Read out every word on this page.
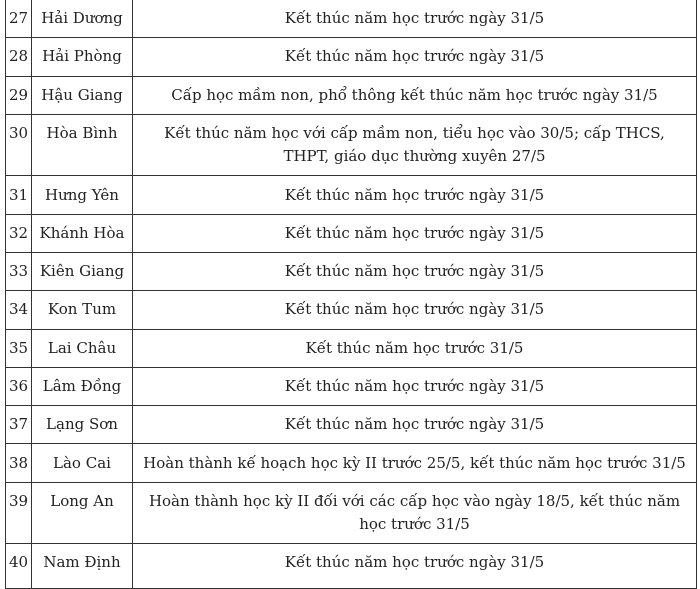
27	Hải Dương	Kết thúc năm học trước ngày 31/5
28	Hải Phòng	Kết thúc năm học trước ngày 31/5
29	Hậu Giang	Cấp học mầm non, phổ thông kết thúc năm học trước ngày 31/5
30	Hòa Bình	Kết thúc năm học với cấp mầm non, tiểu học vào 30/5; cấp THCS, THPT, giáo dục thường xuyên 27/5
31	Hưng Yên	Kết thúc năm học trước ngày 31/5
32	Khánh Hòa	Kết thúc năm học trước ngày 31/5
33	Kiên Giang	Kết thúc năm học trước ngày 31/5
34	Kon Tum	Kết thúc năm học trước ngày 31/5
35	Lai Châu	Kết thúc năm học trước 31/5
36	Lâm Đồng	Kết thúc năm học trước ngày 31/5
37	Lạng Sơn	Kết thúc năm học trước ngày 31/5
38	Lào Cai	Hoàn thành kế hoạch học kỳ II trước 25/5, kết thúc năm học trước 31/5
39	Long An	Hoàn thành học kỳ II đối với các cấp học vào ngày 18/5, kết thúc năm học trước 31/5
40	Nam Định	Kết thúc năm học trước ngày 31/5
